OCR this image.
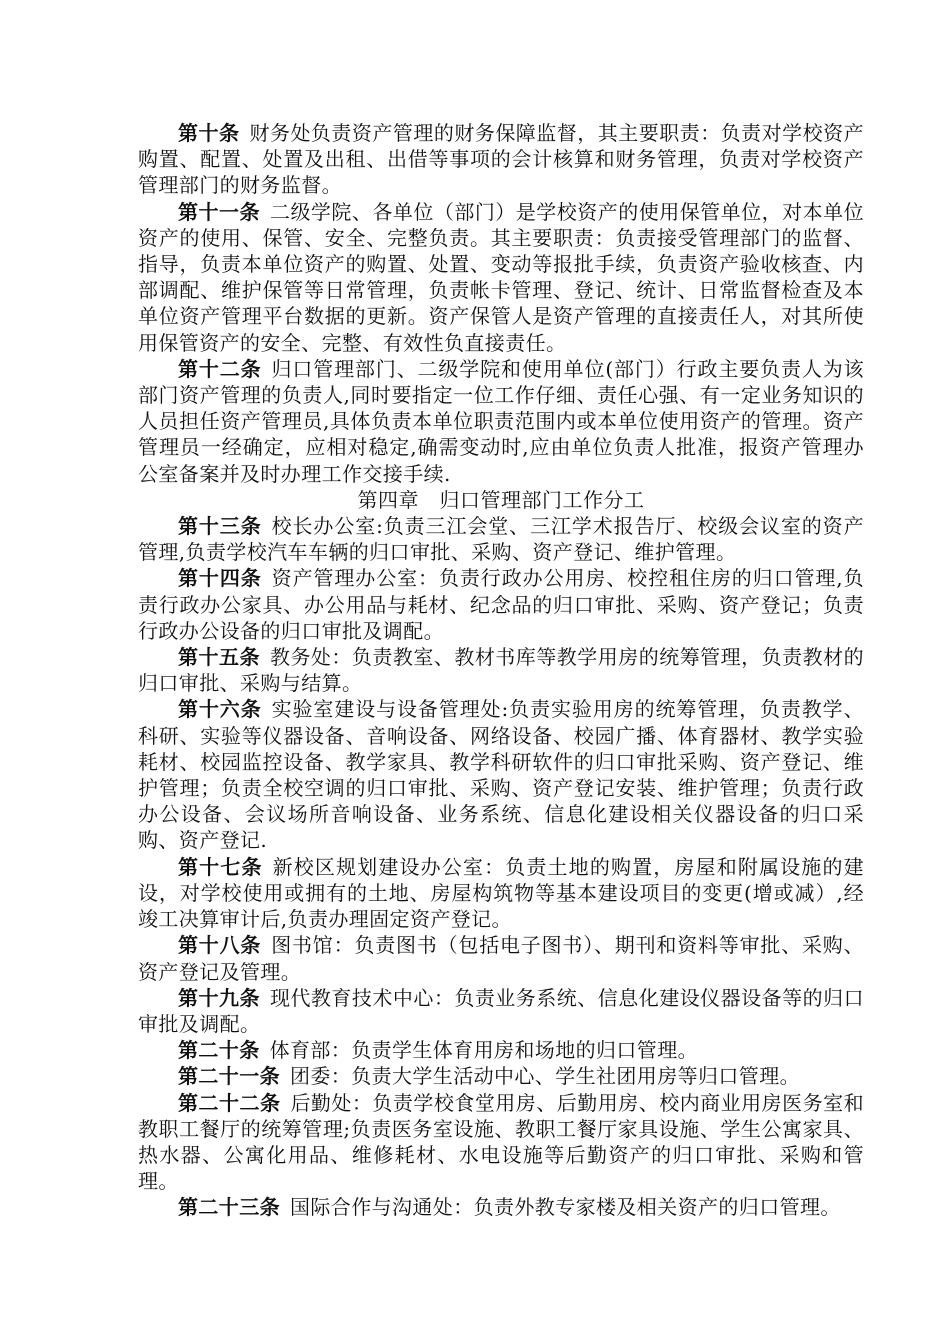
第十条 财务处负责资产管理的财务保障监督，其主要职责：负责对学校资产购置、配置、处置及出租、出借等事项的会计核算和财务管理，负责对学校资产管理部门的财务监督。

第十一条 二级学院、各单位（部门）是学校资产的使用保管单位，对本单位资产的使用、保管、安全、完整负责。其主要职责：负责接受管理部门的监督、指导，负责本单位资产的购置、处置、变动等报批手续，负责资产验收核查、内部调配、维护保管等日常管理，负责帐卡管理、登记、统计、日常监督检查及本单位资产管理平台数据的更新。资产保管人是资产管理的直接责任人，对其所使用保管资产的安全、完整、有效性负直接责任。

第十二条 归口管理部门、二级学院和使用单位(部门）行政主要负责人为该部门资产管理的负责人,同时要指定一位工作仔细、责任心强、有一定业务知识的人员担任资产管理员,具体负责本单位职责范围内或本单位使用资产的管理。资产管理员一经确定，应相对稳定,确需变动时,应由单位负责人批准，报资产管理办公室备案并及时办理工作交接手续.

第四章　归口管理部门工作分工

第十三条 校长办公室:负责三江会堂、三江学术报告厅、校级会议室的资产管理,负责学校汽车车辆的归口审批、采购、资产登记、维护管理。

第十四条 资产管理办公室：负责行政办公用房、校控租住房的归口管理,负责行政办公家具、办公用品与耗材、纪念品的归口审批、采购、资产登记；负责行政办公设备的归口审批及调配。

第十五条 教务处：负责教室、教材书库等教学用房的统筹管理，负责教材的归口审批、采购与结算。

第十六条 实验室建设与设备管理处:负责实验用房的统筹管理，负责教学、科研、实验等仪器设备、音响设备、网络设备、校园广播、体育器材、教学实验耗材、校园监控设备、教学家具、教学科研软件的归口审批采购、资产登记、维护管理；负责全校空调的归口审批、采购、资产登记安装、维护管理；负责行政办公设备、会议场所音响设备、业务系统、信息化建设相关仪器设备的归口采购、资产登记.

第十七条 新校区规划建设办公室：负责土地的购置，房屋和附属设施的建设，对学校使用或拥有的土地、房屋构筑物等基本建设项目的变更(增或减）,经竣工决算审计后,负责办理固定资产登记。

第十八条 图书馆：负责图书（包括电子图书）、期刊和资料等审批、采购、资产登记及管理。

第十九条 现代教育技术中心：负责业务系统、信息化建设仪器设备等的归口审批及调配。

第二十条 体育部：负责学生体育用房和场地的归口管理。

第二十一条 团委：负责大学生活动中心、学生社团用房等归口管理。

第二十二条 后勤处：负责学校食堂用房、后勤用房、校内商业用房医务室和教职工餐厅的统筹管理;负责医务室设施、教职工餐厅家具设施、学生公寓家具、热水器、公寓化用品、维修耗材、水电设施等后勤资产的归口审批、采购和管理。

第二十三条 国际合作与沟通处：负责外教专家楼及相关资产的归口管理。
